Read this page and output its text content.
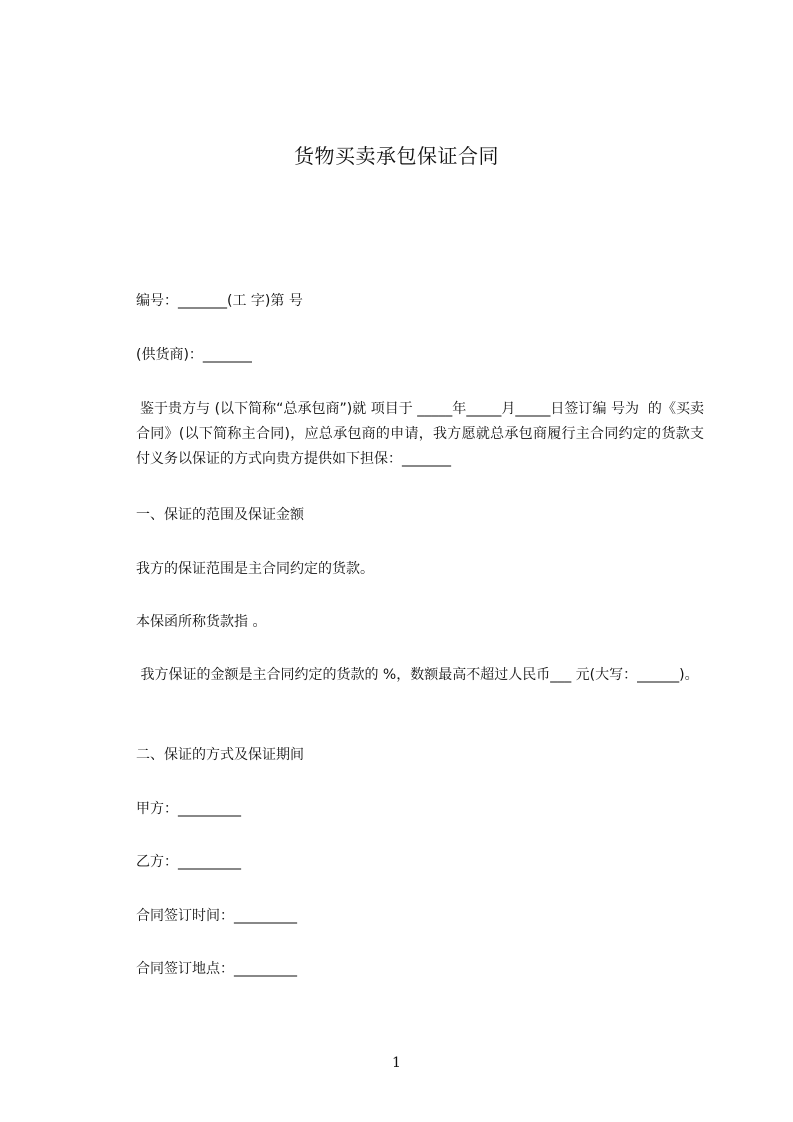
货物买卖承包保证合同
编号：_______(工 字)第 号
(供货商)：_______
鉴于贵方与 (以下简称“总承包商”)就 项目于 _____年_____月_____日签订编 号为  的《买卖合同》(以下简称主合同)，应总承包商的申请，我方愿就总承包商履行主合同约定的货款支付义务以保证的方式向贵方提供如下担保：_______
一、保证的范围及保证金额
我方的保证范围是主合同约定的货款。
本保函所称货款指 。
我方保证的金额是主合同约定的货款的 %，数额最高不超过人民币___ 元(大写：______)。
二、保证的方式及保证期间
甲方：_________
乙方：_________
合同签订时间：_________
合同签订地点：_________
1
